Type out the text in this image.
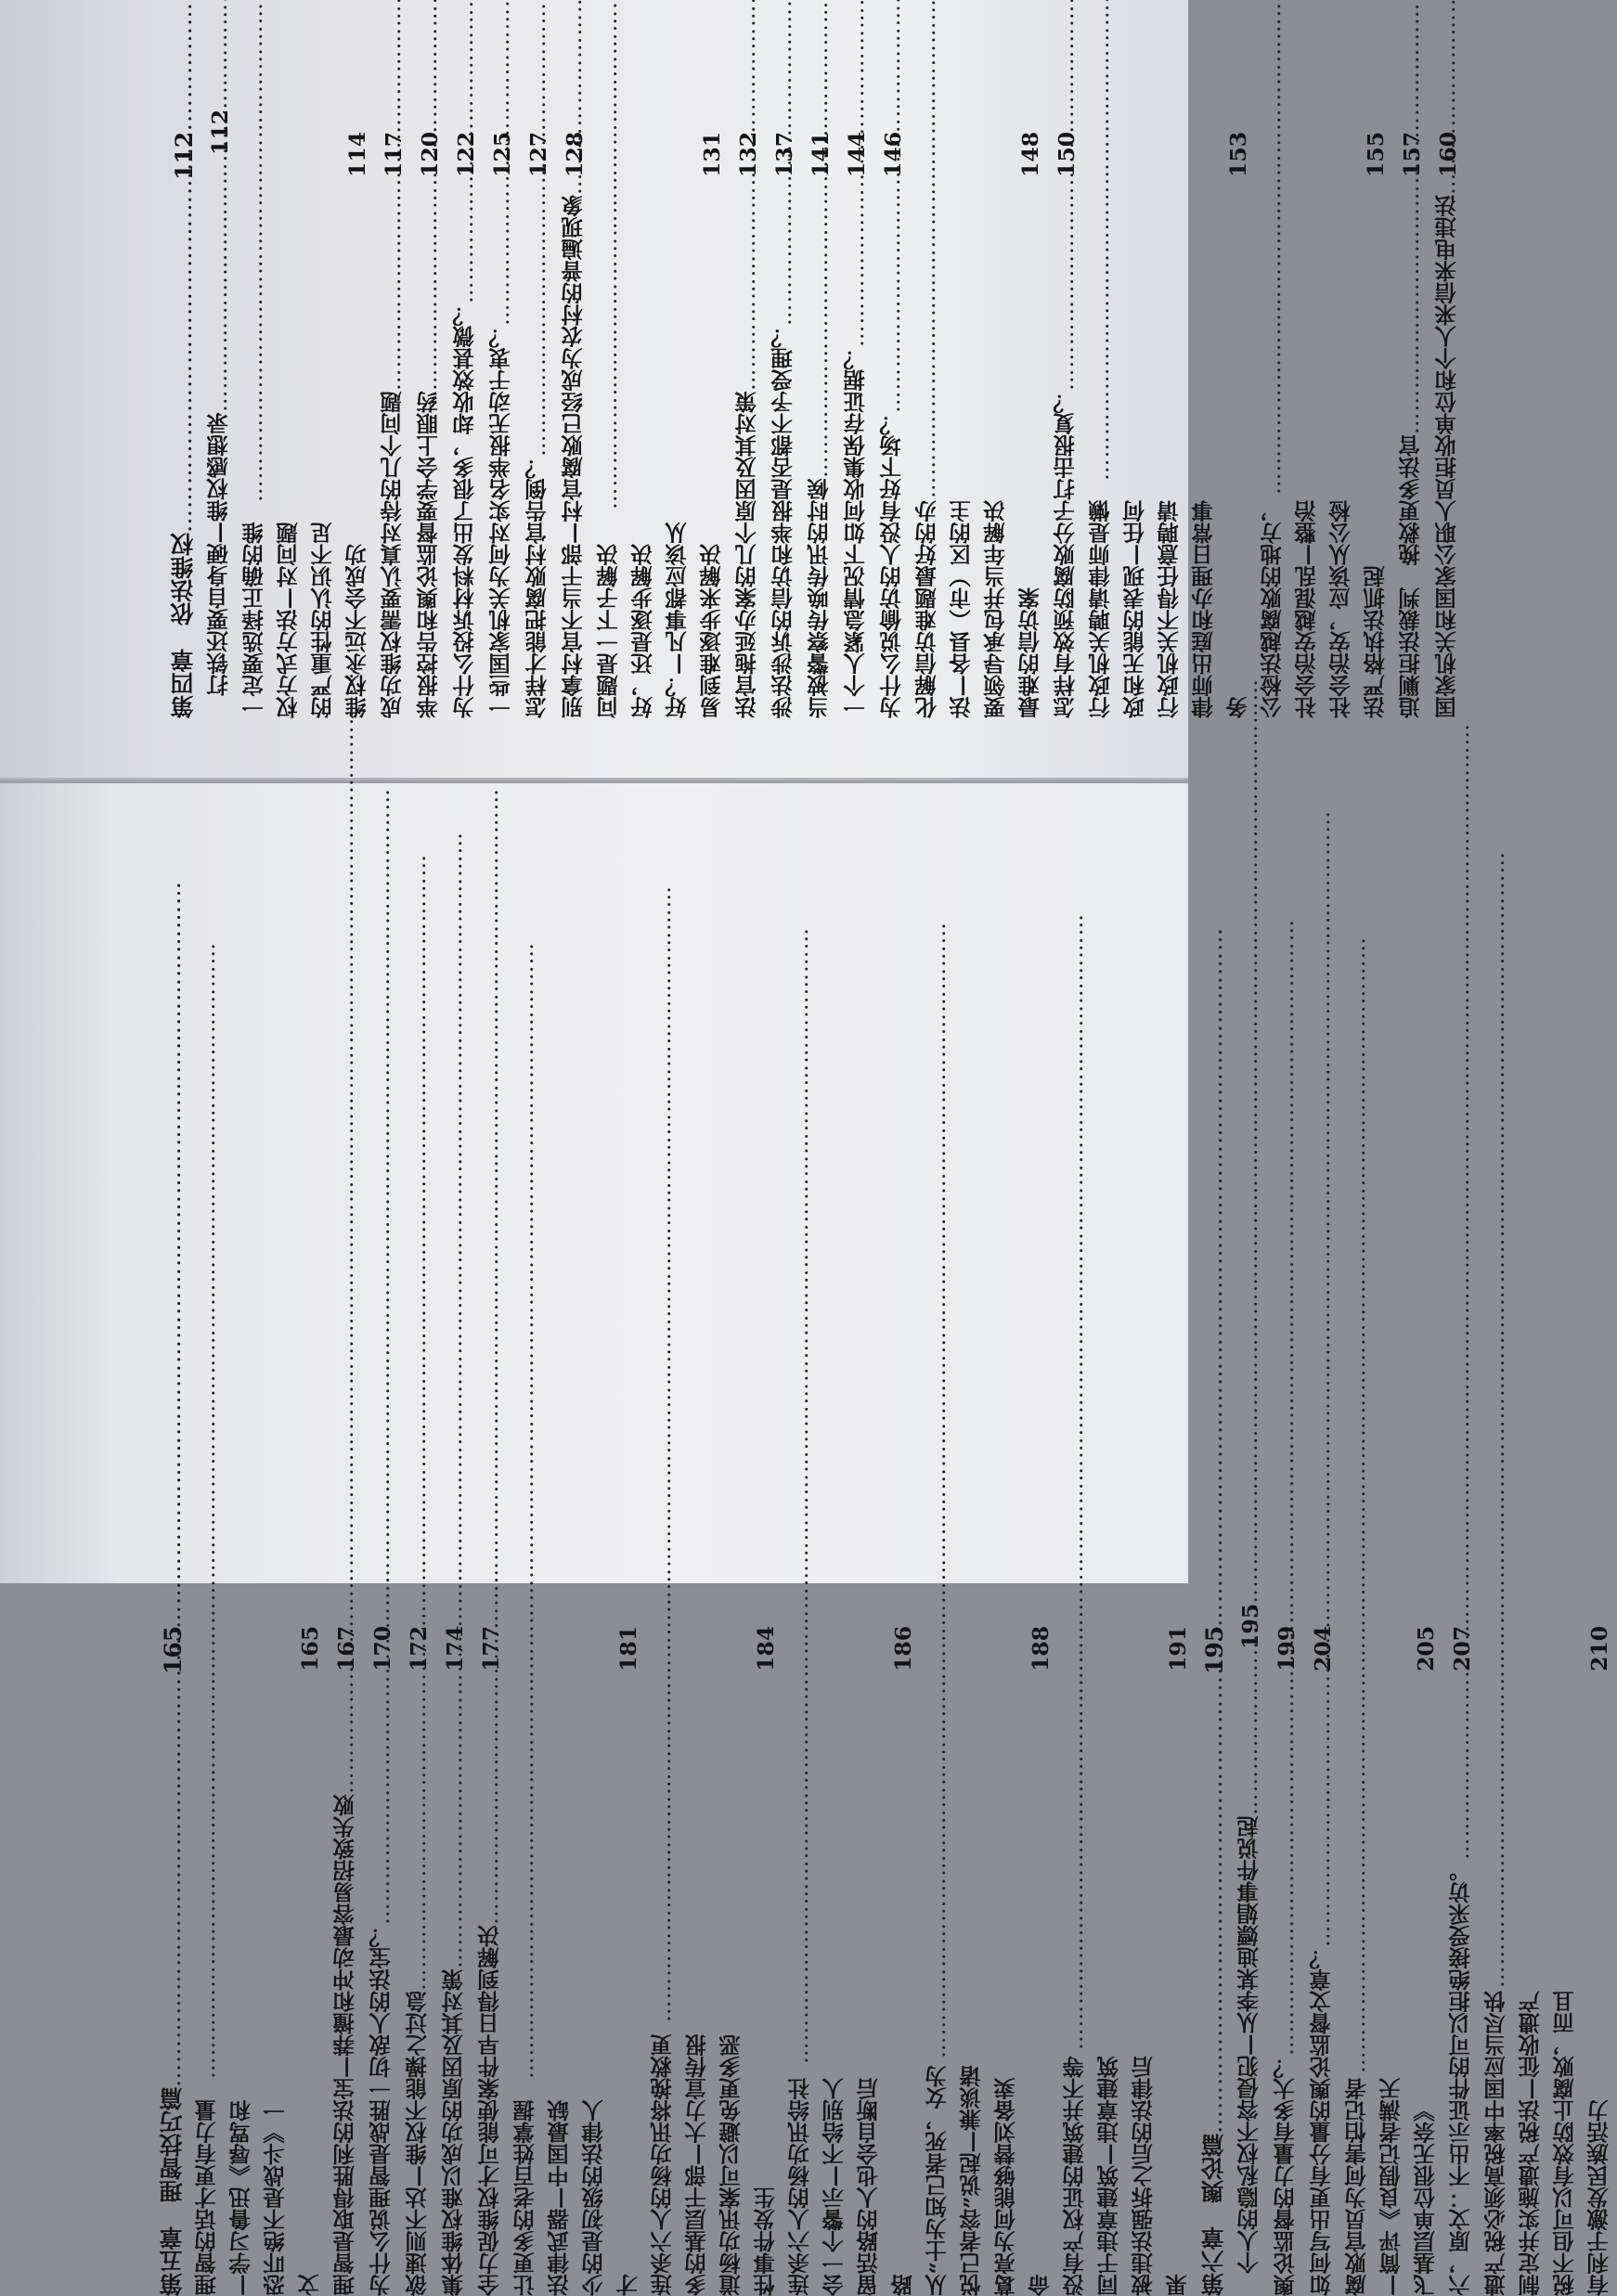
第四章　依法维权
……………………………………………………………………………………………………………………………………
112
打铁还要自身硬—维权感想录
……………………………………………………………………………………………………………………………………
112
一定要选择正确的维权方式方法—对问题的严重性的认识不足维权永远不会成功
……………………………………………………………………………………………………………………………………
114
成功维权需要认真对待的几个问题
……………………………………………………………………………………………………………………………………
117
举报控告和舆论监督要学会上眼药
……………………………………………………………………………………………………………………………………
120
为什么投诉材料发出了很多，却收效甚微？
……………………………………………………………………………………………………………………………………
122
一些国家机关为何对实名举报无动于衷？
……………………………………………………………………………………………………………………………………
125
怎样才能把腐败村官告倒？
……………………………………………………………………………………………………………………………………
127
别拿村官不当干部—村官腐败已经成为农村的普遍现象
……………………………………………………………………………………………………………………………………
128
问题是一下子解决好，还是逐步解决好？—凡事都应该从易到难逐步来解决
……………………………………………………………………………………………………………………………………
131
法官拖延办案的几个原因及其对策
……………………………………………………………………………………………………………………………………
132
涉法涉诉的信访和举报是否都不予受理？
……………………………………………………………………………………………………………………………………
137
当被警察传唤传讯的时候
……………………………………………………………………………………………………………………………………
141
一个人紧急情况下如何收集保存证据？
……………………………………………………………………………………………………………………………………
144
为什么说偷访的人没有好下场？
……………………………………………………………………………………………………………………………………
146
化解信访难题最好的办法—各县（市）区的主要领导承包并当年解决最难的信访案
……………………………………………………………………………………………………………………………………
148
怎样有效预防腐败分子打击报复？
……………………………………………………………………………………………………………………………………
150
行政机关聘请律师是懒政和无能的表现—任何行政机关不得任意聘请律师出庭和办理日常事务
……………………………………………………………………………………………………………………………………
153
公检法越腐败的地方，社会治安越混乱—整治社会治安，应该从公检法严格执法抓起
……………………………………………………………………………………………………………………………………
155
追剿拒法裁判　挽救更多法官
……………………………………………………………………………………………………………………………………
157
国家机关和国家公职人员拒收单位和个人来信来电违法
……………………………………………………………………………………………………………………………………
160

第五章　理智技巧篇
……………………………………………………………………………………………………………………………………
165
理智的话才更有力量—学习鲁迅《辱骂和恐吓绝不是战斗》一文
……………………………………………………………………………………………………………………………………
165
理智是取得胜利的法宝—莽撞和冲动最容易招致失败
……………………………………………………………………………………………………………………………………
167
为什么说理智是战胜一切敌人的法宝？
……………………………………………………………………………………………………………………………………
170
欲速则不达—维权不能操之过急
……………………………………………………………………………………………………………………………………
172
集体维权难以成功的原因及其对策
……………………………………………………………………………………………………………………………………
174
全力促维权才可能使案件早日得到解决
……………………………………………………………………………………………………………………………………
177
让更多的老百姓掌握法律武器—中国最缺少的是初级的法律人才
……………………………………………………………………………………………………………………………………
181
连杀六人的杨功讯将挽救更多的基层干部—大力宣传报道杨功讯案可以避免更多恶性事件发生
……………………………………………………………………………………………………………………………………
184
连杀六人的杨功讯给社会一个警示—不给别人留活路的人也会自断后路
……………………………………………………………………………………………………………………………………
186
从“士为知己者死，女为悦己者容”说起—兼谈诸葛亮为何能够替刘备卖命
……………………………………………………………………………………………………………………………………
188
没有产权证的建筑并不等同于违章建筑—违章建筑被违法强拆之后的法律后果
……………………………………………………………………………………………………………………………………
191
第六章　舆论篇
……………………………………………………………………………………………………………………………………
195
个人的隐私权不容侵犯—从李某迪嫖娼事件说起
……………………………………………………………………………………………………………………………………
195
舆论监督的力量有多大？
……………………………………………………………………………………………………………………………………
199
如何写出更有分量的舆论监督文章？
……………………………………………………………………………………………………………………………………
204
腐败官员为何害怕记者—简评《良假记者满天飞基层单位很无奈》
……………………………………………………………………………………………………………………………………
205
六，原文：不出示证件的可以拒绝接受采访。
……………………………………………………………………………………………………………………………………
207
遗产税必须高税率中国应当尽快制定并实施遗产税法—征收遗产税不但可以有效防止腐败，而且有利于激发民族活力
……………………………………………………………………………………………………………………………………
210
